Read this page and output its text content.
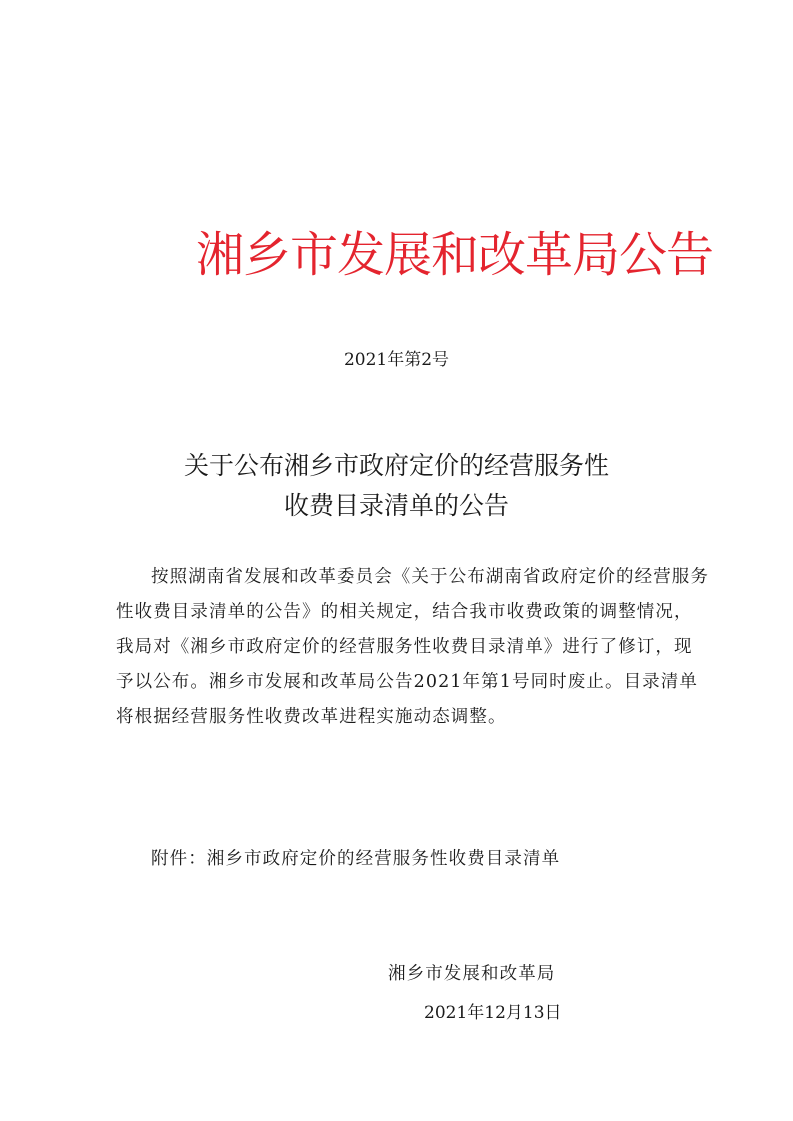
湘乡市发展和改革局公告
2021年第2号
关于公布湘乡市政府定价的经营服务性
收费目录清单的公告

按照湖南省发展和改革委员会《关于公布湖南省政府定价的经营服务性收费目录清单的公告》的相关规定，结合我市收费政策的调整情况，我局对《湘乡市政府定价的经营服务性收费目录清单》进行了修订，现予以公布。湘乡市发展和改革局公告2021年第1号同时废止。目录清单将根据经营服务性收费改革进程实施动态调整。

附件：湘乡市政府定价的经营服务性收费目录清单
湘乡市发展和改革局
2021年12月13日
